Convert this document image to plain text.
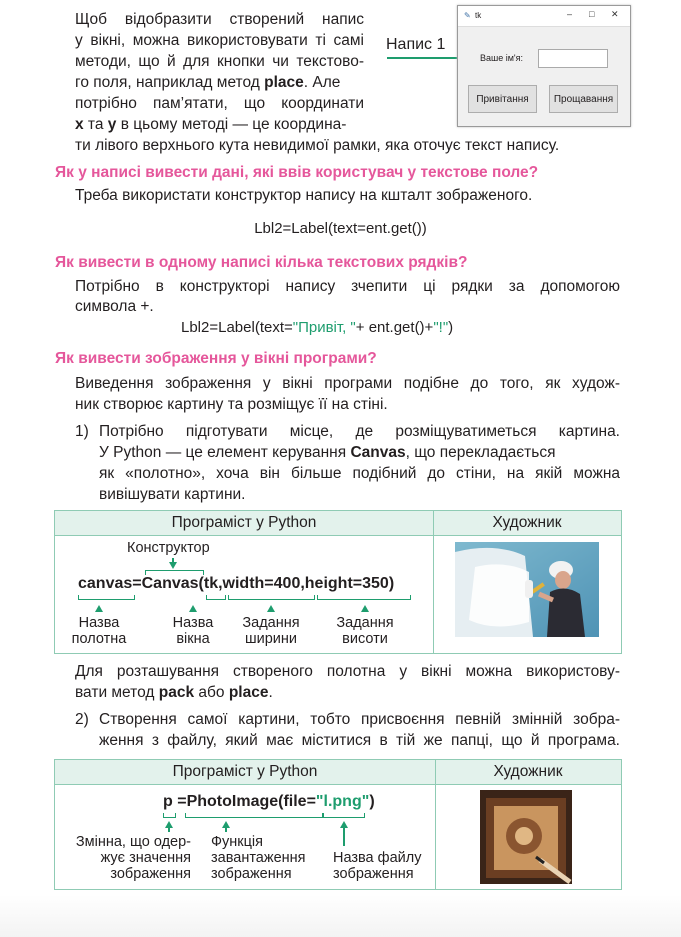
Щоб відобразити створений напис
у вікні, можна використовувати ті самі
методи, що й для кнопки чи текстово-
го поля, наприклад метод place. Але
потрібно пам’ятати, що координати
x та y в цьому методі — це координа-
ти лівого верхнього кута невидимої рамки, яка оточує текст напису.
Напис 1
✎ tk	– □ ✕
Ваше ім'я:
Привітання	Прощавання
Як у написі вивести дані, які ввів користувач у текстове поле?
Треба використати конструктор напису на кшталт зображеного.
Lbl2=Label(text=ent.get())
Як вивести в одному написі кілька текстових рядків?
Потрібно в конструкторі напису зчепити ці рядки за допомогою
символа +.
Lbl2=Label(text="Привіт, "+ ent.get()+"!")
Як вивести зображення у вікні програми?
Виведення зображення у вікні програми подібне до того, як худож-
ник створює картину та розміщує її на стіні.
1) Потрібно підготувати місце, де розміщуватиметься картина.
У Python — це елемент керування Canvas, що перекладається
як «полотно», хоча він більше подібний до стіни, на якій можна
вивішувати картини.
Програміст у Python	Художник
Конструктор
canvas=Canvas(tk,width=400,height=350)
Назва
полотна
Назва
вікна
Задання
ширини
Задання
висоти
Для розташування створеного полотна у вікні можна використову-
вати метод pack або place.
2) Створення самої картини, тобто присвоєння певній змінній зобра-
ження з файлу, який має міститися в тій же папці, що й програма.
Програміст у Python	Художник
p =PhotoImage(file="l.png")
Змінна, що одер-
жує значення
зображення
Функція
завантаження
зображення
Назва файлу
зображення
